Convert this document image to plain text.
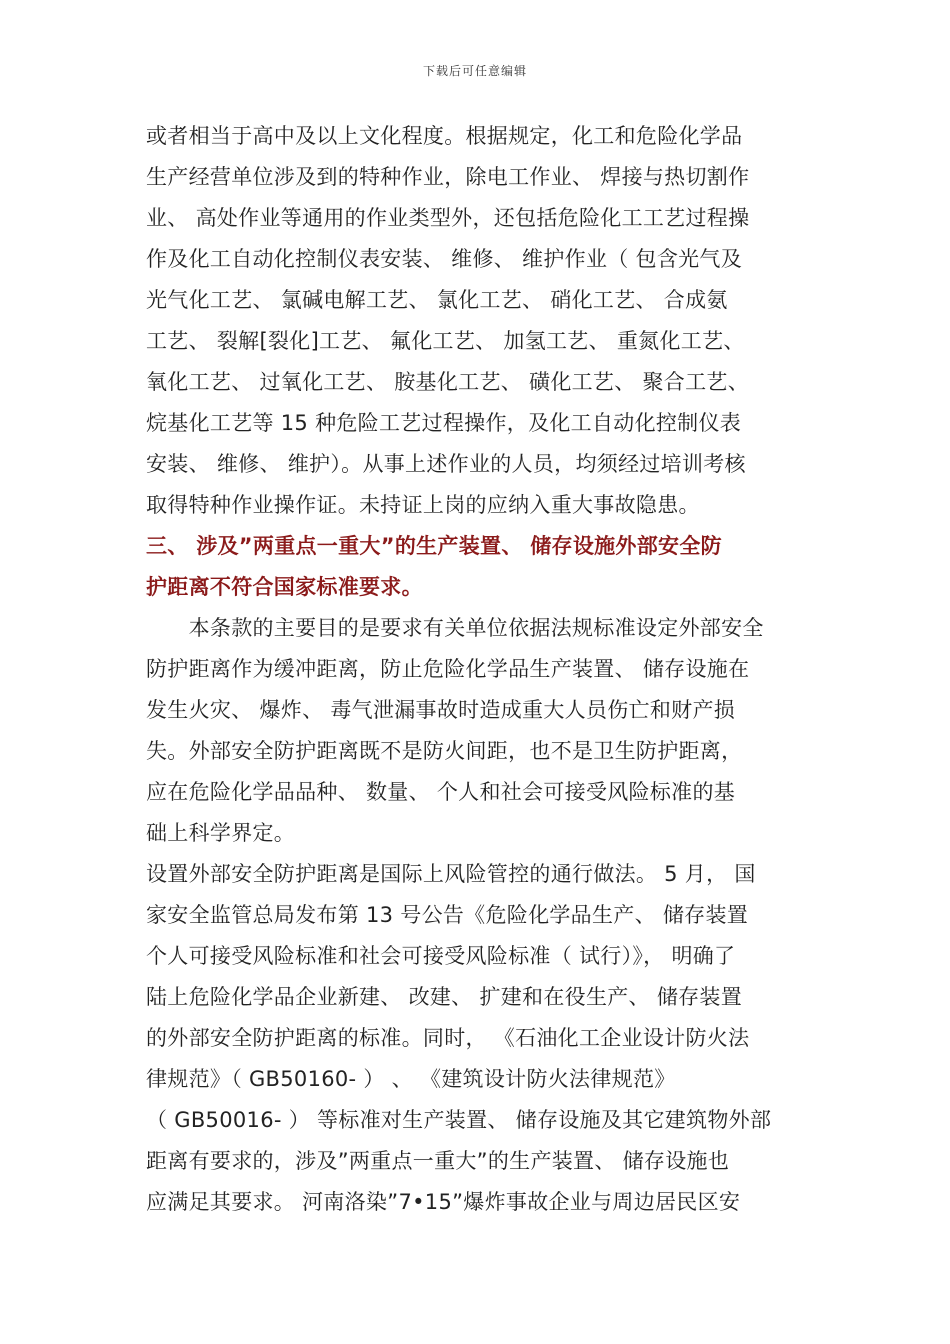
下载后可任意编辑
或者相当于高中及以上文化程度。根据规定，化工和危险化学品
生产经营单位涉及到的特种作业，除电工作业、 焊接与热切割作
业、 高处作业等通用的作业类型外，还包括危险化工工艺过程操
作及化工自动化控制仪表安装、 维修、 维护作业（ 包含光气及
光气化工艺、 氯碱电解工艺、 氯化工艺、 硝化工艺、 合成氨
工艺、 裂解[裂化]工艺、 氟化工艺、 加氢工艺、 重氮化工艺、
氧化工艺、 过氧化工艺、 胺基化工艺、 磺化工艺、 聚合工艺、
烷基化工艺等 15 种危险工艺过程操作，及化工自动化控制仪表
安装、 维修、 维护）。从事上述作业的人员，均须经过培训考核
取得特种作业操作证。未持证上岗的应纳入重大事故隐患。
三、 涉及”两重点一重大”的生产装置、 储存设施外部安全防
护距离不符合国家标准要求。
　　本条款的主要目的是要求有关单位依据法规标准设定外部安全
防护距离作为缓冲距离，防止危险化学品生产装置、 储存设施在
发生火灾、 爆炸、 毒气泄漏事故时造成重大人员伤亡和财产损
失。外部安全防护距离既不是防火间距，也不是卫生防护距离，
应在危险化学品品种、 数量、 个人和社会可接受风险标准的基
础上科学界定。
设置外部安全防护距离是国际上风险管控的通行做法。 5 月， 国
家安全监管总局发布第 13 号公告《危险化学品生产、 储存装置
个人可接受风险标准和社会可接受风险标准（ 试行）》， 明确了
陆上危险化学品企业新建、 改建、 扩建和在役生产、 储存装置
的外部安全防护距离的标准。同时， 《石油化工企业设计防火法
律规范》（ GB50160- ） 、 《建筑设计防火法律规范》
（ GB50016- ） 等标准对生产装置、 储存设施及其它建筑物外部
距离有要求的，涉及”两重点一重大”的生产装置、 储存设施也
应满足其要求。 河南洛染”7•15”爆炸事故企业与周边居民区安
